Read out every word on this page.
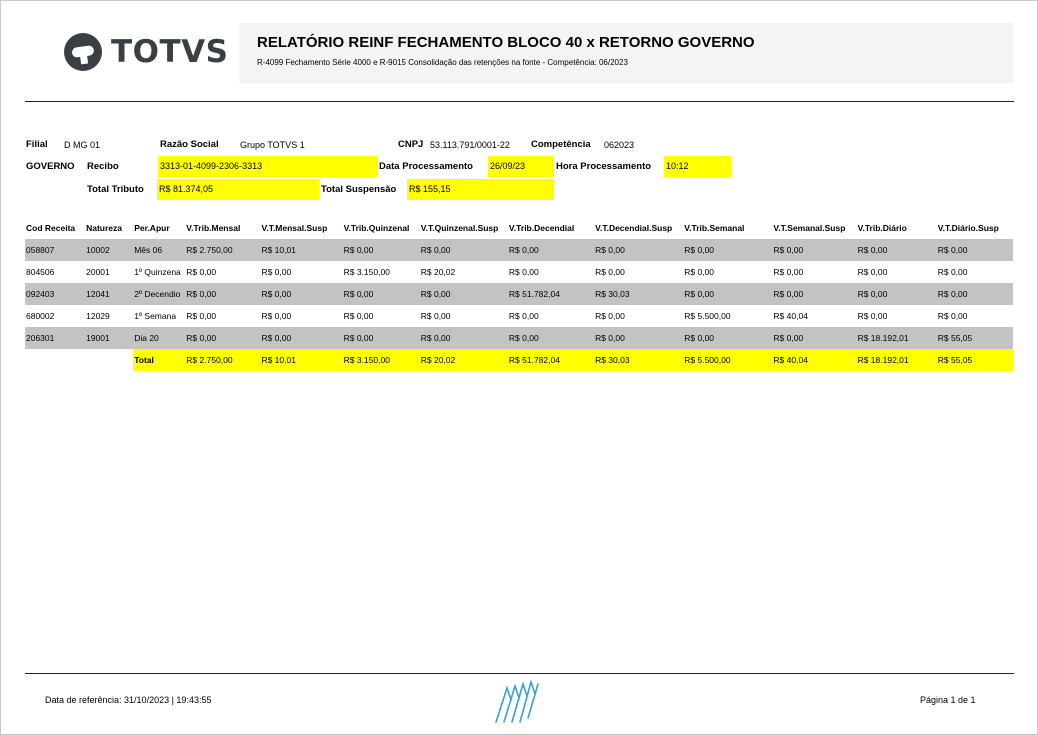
TOTVS RELATÓRIO REINF FECHAMENTO BLOCO 40 x RETORNO GOVERNO
R-4099 Fechamento Série 4000 e R-9015 Consolidação das retenções na fonte - Competência: 06/2023
Filial D MG 01	Razão Social Grupo TOTVS 1	CNPJ 53.113.791/0001-22 Competência 062023
GOVERNO Recibo	3313-01-4099-2306-3313	Data Processamento 26/09/23	Hora Processamento 10:12
Total Tributo R$ 81.374,05	Total Suspensão R$ 155,15
Cod Receita	Natureza	Per.Apur	V.Trib.Mensal	V.T.Mensal.Susp	V.Trib.Quinzenal	V.T.Quinzenal.Susp	V.Trib.Decendial	V.T.Decendial.Susp	V.Trib.Semanal	V.T.Semanal.Susp	V.Trib.Diário	V.T.Diário.Susp
058807	10002	Mês 06	R$ 2.750,00	R$ 10,01	R$ 0,00	R$ 0,00	R$ 0,00	R$ 0,00	R$ 0,00	R$ 0,00	R$ 0,00	R$ 0,00
804506	20001	1º Quinzena	R$ 0,00	R$ 0,00	R$ 3.150,00	R$ 20,02	R$ 0,00	R$ 0,00	R$ 0,00	R$ 0,00	R$ 0,00	R$ 0,00
092403	12041	2º Decendio	R$ 0,00	R$ 0,00	R$ 0,00	R$ 0,00	R$ 51.782,04	R$ 30,03	R$ 0,00	R$ 0,00	R$ 0,00	R$ 0,00
680002	12029	1º Semana	R$ 0,00	R$ 0,00	R$ 0,00	R$ 0,00	R$ 0,00	R$ 0,00	R$ 5.500,00	R$ 40,04	R$ 0,00	R$ 0,00
206301	19001	Dia 20	R$ 0,00	R$ 0,00	R$ 0,00	R$ 0,00	R$ 0,00	R$ 0,00	R$ 0,00	R$ 0,00	R$ 18.192,01	R$ 55,05
		Total	R$ 2.750,00	R$ 10,01	R$ 3.150,00	R$ 20,02	R$ 51.782,04	R$ 30,03	R$ 5.500,00	R$ 40,04	R$ 18.192,01	R$ 55,05
Data de referência: 31/10/2023 | 19:43:55	Página 1 de 1
